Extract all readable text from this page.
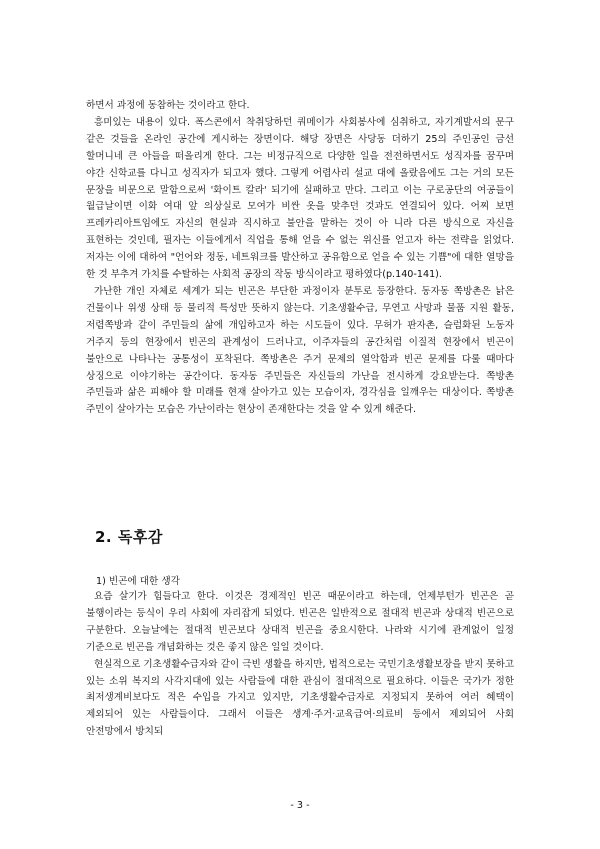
하면서 과정에 동참하는 것이라고 한다.

흥미있는 내용이 있다. 폭스콘에서 착취당하던 쿼메이가 사회봉사에 심취하고, 자기계발서의 문구 같은 것들을 온라인 공간에 게시하는 장면이다. 해당 장면은 사당동 더하기 25의 주인공인 금선 할머니네 큰 아들을 떠올리게 한다. 그는 비정규직으로 다양한 일을 전전하면서도 성직자를 꿈꾸며 야간 신학교를 다니고 성직자가 되고자 했다. 그렇게 어렵사리 설교 대에 올랐음에도 그는 거의 모든 문장을 비문으로 말함으로써 '화이트 칼라' 되기에 실패하고 만다. 그리고 이는 구로공단의 여공들이 월급날이면 이화 여대 앞 의상실로 모여가 비싼 옷을 맞추던 것과도 연결되어 있다. 어찌 보면 프레카리아트임에도 자신의 현실과 직시하고 불안을 말하는 것이 아 니라 다른 방식으로 자신을 표현하는 것인데, 필자는 이들에게서 직업을 통해 얻을 수 없는 위신를 얻고자 하는 전략을 읽었다. 저자는 이에 대하여 "언어와 정동, 네트워크를 발산하고 공유함으로 얻을 수 있는 기쁨"에 대한 열망을 한 것 부추겨 가치를 수탈하는 사회적 공장의 작동 방식이라고 평하였다(p.140-141).

가난한 개인 자체로 세계가 되는 빈곤은 부단한 과정이자 분투로 등장한다. 동자동 쪽방촌은 낡은 건물이나 위생 상태 등 물리적 특성만 뜻하지 않는다. 기초생활수급, 무연고 사망과 물품 지원 활동, 저렴쪽방과 같이 주민들의 삶에 개입하고자 하는 시도들이 있다. 무허가 판자촌, 슬럼화된 노동자 거주지 등의 현장에서 빈곤의 관계성이 드러나고, 이주자들의 공간처럼 이질적 현장에서 빈곤이 불안으로 나타나는 공통성이 포착된다. 쪽방촌은 주거 문제의 열악함과 빈곤 문제를 다룰 때마다 상징으로 이야기하는 공간이다. 동자동 주민들은 자신들의 가난을 전시하게 강요받는다. 쪽방촌 주민들과 삶은 피해야 할 미래를 현재 살아가고 있는 모습이자, 경각심을 일깨우는 대상이다. 쪽방촌 주민이 살아가는 모습은 가난이라는 현상이 존재한다는 것을 알 수 있게 해준다.

2. 독후감
1) 빈곤에 대한 생각

요즘 살기가 힘들다고 한다. 이것은 경제적인 빈곤 때문이라고 하는데, 언제부턴가 빈곤은 곧 불행이라는 등식이 우리 사회에 자리잡게 되었다. 빈곤은 일반적으로 절대적 빈곤과 상대적 빈곤으로 구분한다. 오늘날에는 절대적 빈곤보다 상대적 빈곤을 중요시한다. 나라와 시기에 관계없이 일정 기준으로 빈곤을 개념화하는 것은 좋지 않은 일일 것이다.

현실적으로 기초생활수급자와 같이 극빈 생활을 하지만, 법적으로는 국민기초생활보장을 받지 못하고 있는 소위 복지의 사각지대에 있는 사람들에 대한 관심이 절대적으로 필요하다. 이들은 국가가 정한 최저생계비보다도 적은 수입을 가지고 있지만, 기초생활수급자로 지정되지 못하여 여러 혜택이 제외되어 있는 사람들이다. 그래서 이들은 생계·주거·교육급여·의료비 등에서 제외되어 사회 안전망에서 방치되

- 3 -
